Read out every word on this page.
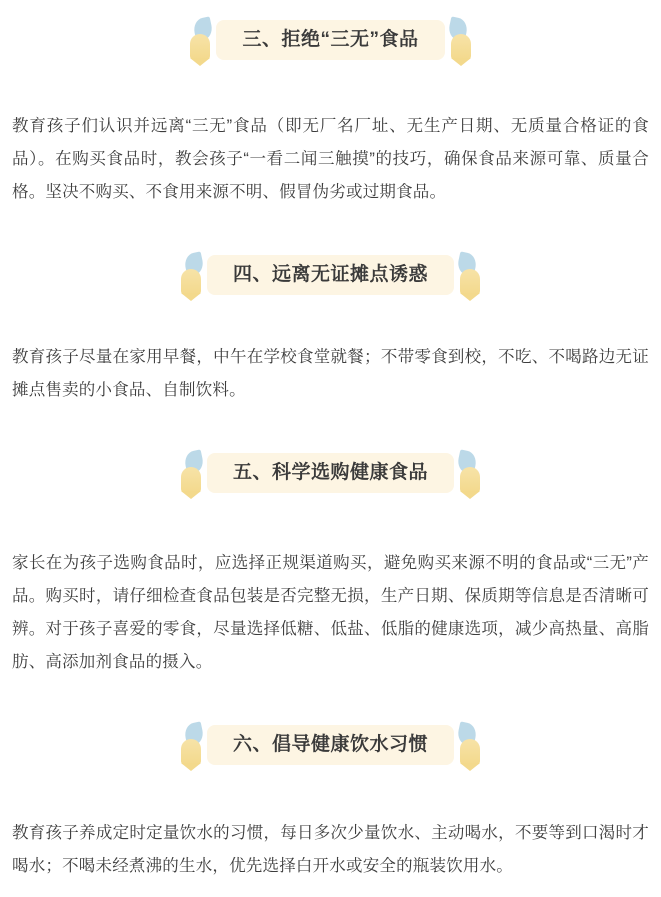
三、拒绝“三无”食品
教育孩子们认识并远离“三无”食品（即无厂名厂址、无生产日期、无质量合格证的食品）。在购买食品时，教会孩子“一看二闻三触摸”的技巧，确保食品来源可靠、质量合格。坚决不购买、不食用来源不明、假冒伪劣或过期食品。
四、远离无证摊点诱惑
教育孩子尽量在家用早餐，中午在学校食堂就餐；不带零食到校，不吃、不喝路边无证摊点售卖的小食品、自制饮料。
五、科学选购健康食品
家长在为孩子选购食品时，应选择正规渠道购买，避免购买来源不明的食品或“三无”产品。购买时，请仔细检查食品包装是否完整无损，生产日期、保质期等信息是否清晰可辨。对于孩子喜爱的零食，尽量选择低糖、低盐、低脂的健康选项，减少高热量、高脂肪、高添加剂食品的摄入。
六、倡导健康饮水习惯
教育孩子养成定时定量饮水的习惯，每日多次少量饮水、主动喝水，不要等到口渴时才喝水；不喝未经煮沸的生水，优先选择白开水或安全的瓶装饮用水。
